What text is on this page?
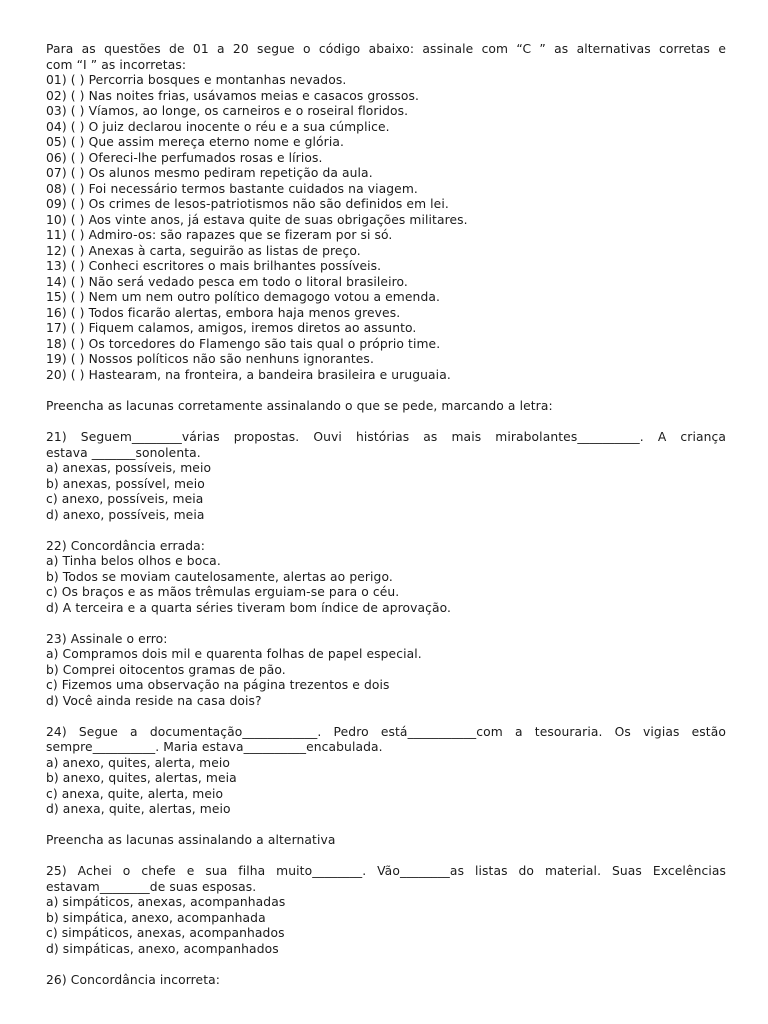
Para as questões de 01 a 20 segue o código abaixo: assinale com “C ” as alternativas corretas e
com “I ” as incorretas:
01) ( ) Percorria bosques e montanhas nevados.
02) ( ) Nas noites frias, usávamos meias e casacos grossos.
03) ( ) Víamos, ao longe, os carneiros e o roseiral floridos.
04) ( ) O juiz declarou inocente o réu e a sua cúmplice.
05) ( ) Que assim mereça eterno nome e glória.
06) ( ) Ofereci-lhe perfumados rosas e lírios.
07) ( ) Os alunos mesmo pediram repetição da aula.
08) ( ) Foi necessário termos bastante cuidados na viagem.
09) ( ) Os crimes de lesos-patriotismos não são definidos em lei.
10) ( ) Aos vinte anos, já estava quite de suas obrigações militares.
11) ( ) Admiro-os: são rapazes que se fizeram por si só.
12) ( ) Anexas à carta, seguirão as listas de preço.
13) ( ) Conheci escritores o mais brilhantes possíveis.
14) ( ) Não será vedado pesca em todo o litoral brasileiro.
15) ( ) Nem um nem outro político demagogo votou a emenda.
16) ( ) Todos ficarão alertas, embora haja menos greves.
17) ( ) Fiquem calamos, amigos, iremos diretos ao assunto.
18) ( ) Os torcedores do Flamengo são tais qual o próprio time.
19) ( ) Nossos políticos não são nenhuns ignorantes.
20) ( ) Hastearam, na fronteira, a bandeira brasileira e uruguaia.
Preencha as lacunas corretamente assinalando o que se pede, marcando a letra:
21) Seguem________várias propostas. Ouvi histórias as mais mirabolantes__________. A criança
estava _______sonolenta.
a) anexas, possíveis, meio
b) anexas, possível, meio
c) anexo, possíveis, meia
d) anexo, possíveis, meia
22) Concordância errada:
a) Tinha belos olhos e boca.
b) Todos se moviam cautelosamente, alertas ao perigo.
c) Os braços e as mãos trêmulas erguiam-se para o céu.
d) A terceira e a quarta séries tiveram bom índice de aprovação.
23) Assinale o erro:
a) Compramos dois mil e quarenta folhas de papel especial.
b) Comprei oitocentos gramas de pão.
c) Fizemos uma observação na página trezentos e dois
d) Você ainda reside na casa dois?
24) Segue a documentação____________. Pedro está___________com a tesouraria. Os vigias estão
sempre__________. Maria estava__________encabulada.
a) anexo, quites, alerta, meio
b) anexo, quites, alertas, meia
c) anexa, quite, alerta, meio
d) anexa, quite, alertas, meio
Preencha as lacunas assinalando a alternativa
25) Achei o chefe e sua filha muito________. Vão________as listas do material. Suas Excelências
estavam________de suas esposas.
a) simpáticos, anexas, acompanhadas
b) simpática, anexo, acompanhada
c) simpáticos, anexas, acompanhados
d) simpáticas, anexo, acompanhados
26) Concordância incorreta:
